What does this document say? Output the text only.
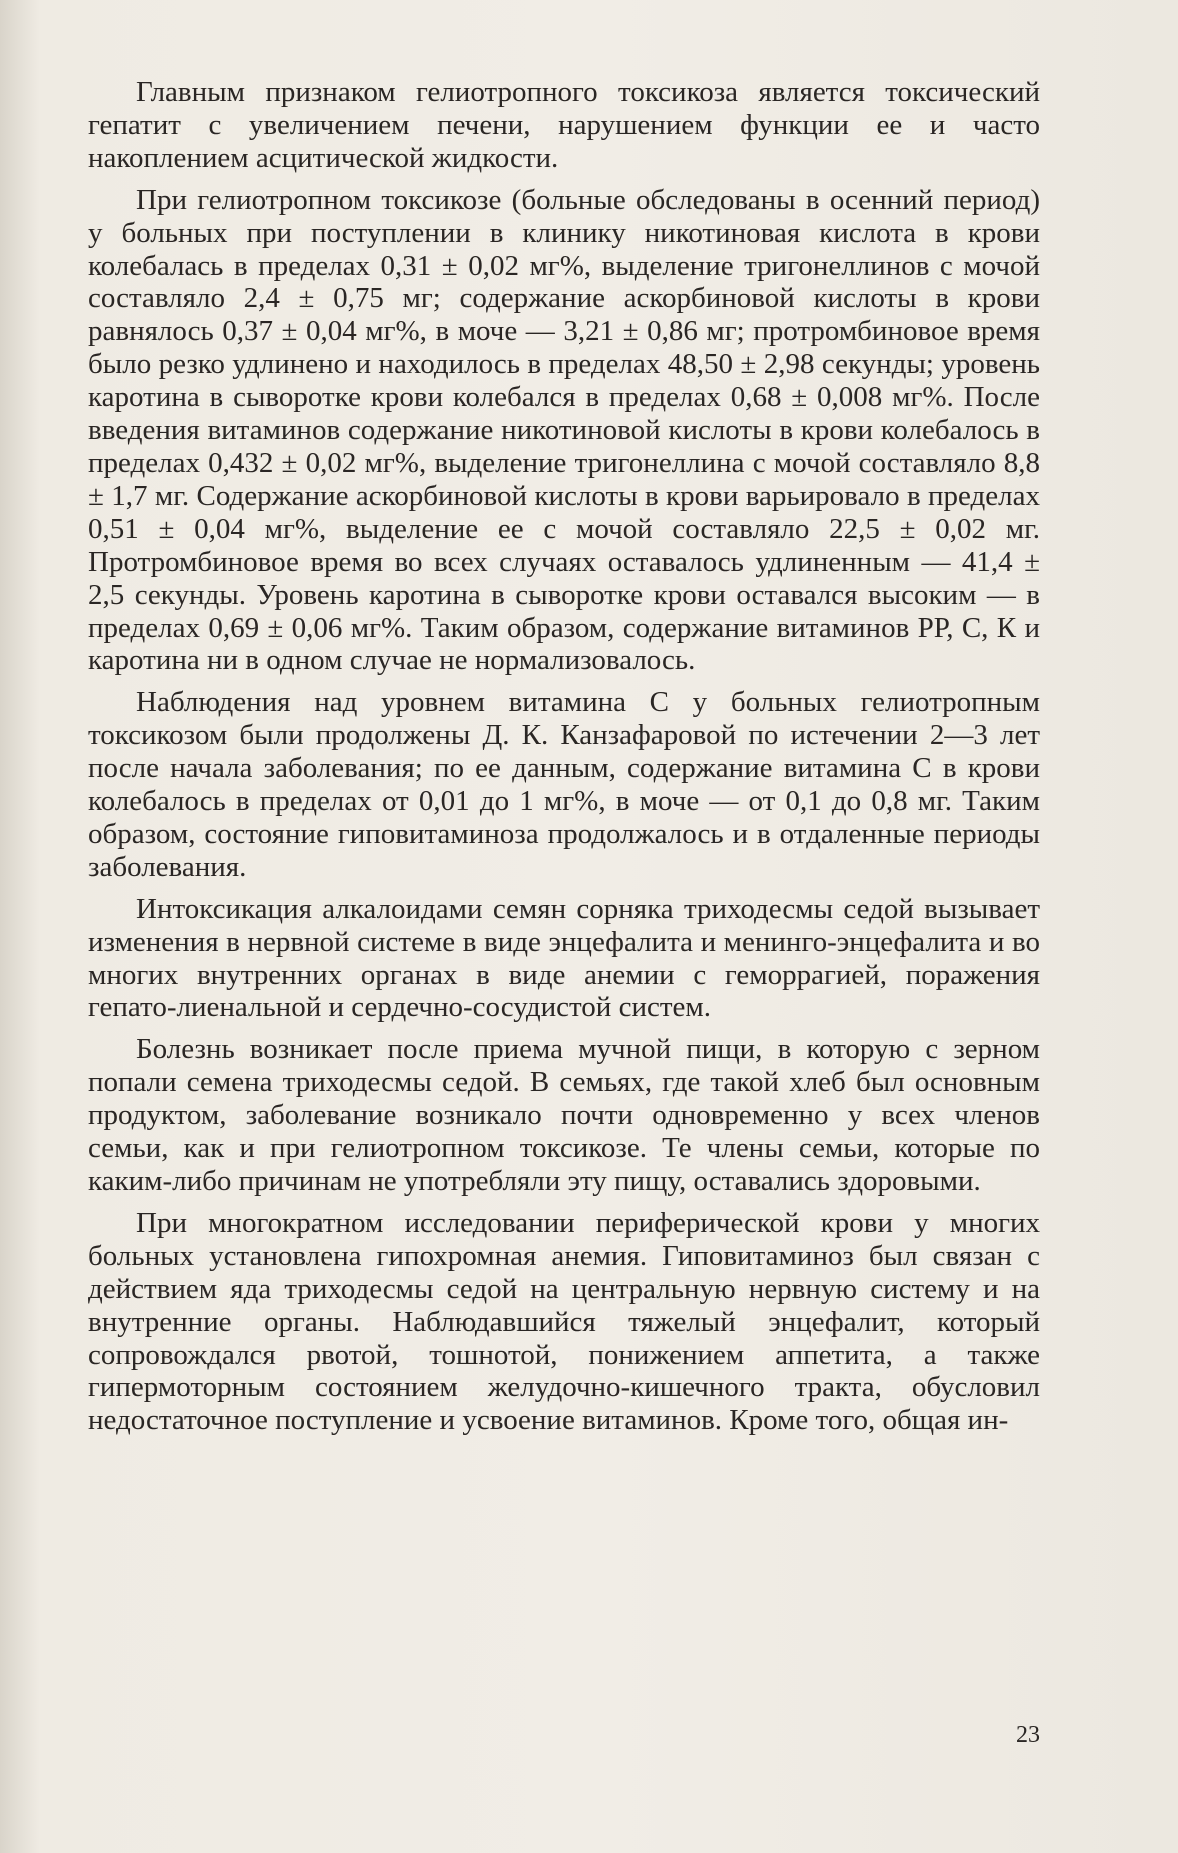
Главным признаком гелиотропного токсикоза является токсический гепатит с увеличением печени, нарушением функции ее и часто накоплением асцитической жидкости.

При гелиотропном токсикозе (больные обследованы в осенний период) у больных при поступлении в клинику никотиновая кислота в крови колебалась в пределах 0,31 ± 0,02 мг%, выделение тригонеллинов с мочой составляло 2,4 ± 0,75 мг; содержание аскорбиновой кислоты в крови равнялось 0,37 ± 0,04 мг%, в моче — 3,21 ± 0,86 мг; протромбиновое время было резко удлинено и находилось в пределах 48,50 ± 2,98 секунды; уровень каротина в сыворотке крови колебался в пределах 0,68 ± 0,008 мг%. После введения витаминов содержание никотиновой кислоты в крови колебалось в пределах 0,432 ± 0,02 мг%, выделение тригонеллина с мочой составляло 8,8 ± 1,7 мг. Содержание аскорбиновой кислоты в крови варьировало в пределах 0,51 ± 0,04 мг%, выделение ее с мочой составляло 22,5 ± 0,02 мг. Протромбиновое время во всех случаях оставалось удлиненным — 41,4 ± 2,5 секунды. Уровень каротина в сыворотке крови оставался высоким — в пределах 0,69 ± 0,06 мг%. Таким образом, содержание витаминов РР, С, К и каротина ни в одном случае не нормализовалось.

Наблюдения над уровнем витамина С у больных гелиотропным токсикозом были продолжены Д. К. Канзафаровой по истечении 2—3 лет после начала заболевания; по ее данным, содержание витамина С в крови колебалось в пределах от 0,01 до 1 мг%, в моче — от 0,1 до 0,8 мг. Таким образом, состояние гиповитаминоза продолжалось и в отдаленные периоды заболевания.

Интоксикация алкалоидами семян сорняка триходесмы седой вызывает изменения в нервной системе в виде энцефалита и менинго-энцефалита и во многих внутренних органах в виде анемии с геморрагией, поражения гепато-лиенальной и сердечно-сосудистой систем.

Болезнь возникает после приема мучной пищи, в которую с зерном попали семена триходесмы седой. В семьях, где такой хлеб был основным продуктом, заболевание возникало почти одновременно у всех членов семьи, как и при гелиотропном токсикозе. Те члены семьи, которые по каким-либо причинам не употребляли эту пищу, оставались здоровыми.

При многократном исследовании периферической крови у многих больных установлена гипохромная анемия. Гиповитаминоз был связан с действием яда триходесмы седой на центральную нервную систему и на внутренние органы. Наблюдавшийся тяжелый энцефалит, который сопровождался рвотой, тошнотой, понижением аппетита, а также гипермоторным состоянием желудочно-кишечного тракта, обусловил недостаточное поступление и усвоение витаминов. Кроме того, общая ин-

23
